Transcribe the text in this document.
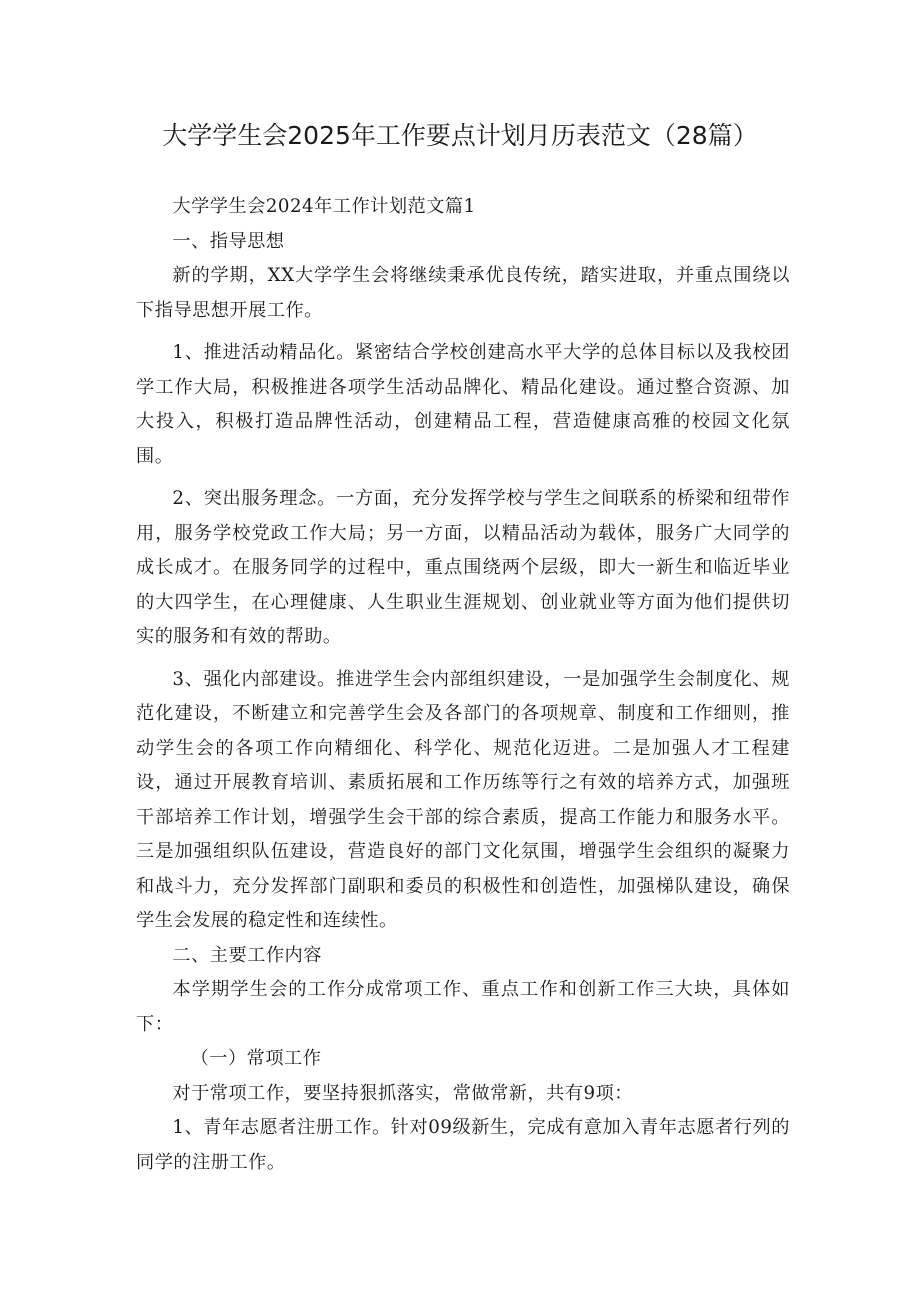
大学学生会2025年工作要点计划月历表范文（28篇）

大学学生会2024年工作计划范文篇1

一、指导思想

新的学期，XX大学学生会将继续秉承优良传统，踏实进取，并重点围绕以下指导思想开展工作。

1、推进活动精品化。紧密结合学校创建高水平大学的总体目标以及我校团学工作大局，积极推进各项学生活动品牌化、精品化建设。通过整合资源、加大投入，积极打造品牌性活动，创建精品工程，营造健康高雅的校园文化氛围。

2、突出服务理念。一方面，充分发挥学校与学生之间联系的桥梁和纽带作用，服务学校党政工作大局；另一方面，以精品活动为载体，服务广大同学的成长成才。在服务同学的过程中，重点围绕两个层级，即大一新生和临近毕业的大四学生，在心理健康、人生职业生涯规划、创业就业等方面为他们提供切实的服务和有效的帮助。

3、强化内部建设。推进学生会内部组织建设，一是加强学生会制度化、规范化建设，不断建立和完善学生会及各部门的各项规章、制度和工作细则，推动学生会的各项工作向精细化、科学化、规范化迈进。二是加强人才工程建设，通过开展教育培训、素质拓展和工作历练等行之有效的培养方式，加强班干部培养工作计划，增强学生会干部的综合素质，提高工作能力和服务水平。三是加强组织队伍建设，营造良好的部门文化氛围，增强学生会组织的凝聚力和战斗力，充分发挥部门副职和委员的积极性和创造性，加强梯队建设，确保学生会发展的稳定性和连续性。

二、主要工作内容

本学期学生会的工作分成常项工作、重点工作和创新工作三大块，具体如下：

（一）常项工作

对于常项工作，要坚持狠抓落实，常做常新，共有9项：

1、青年志愿者注册工作。针对09级新生，完成有意加入青年志愿者行列的同学的注册工作。
